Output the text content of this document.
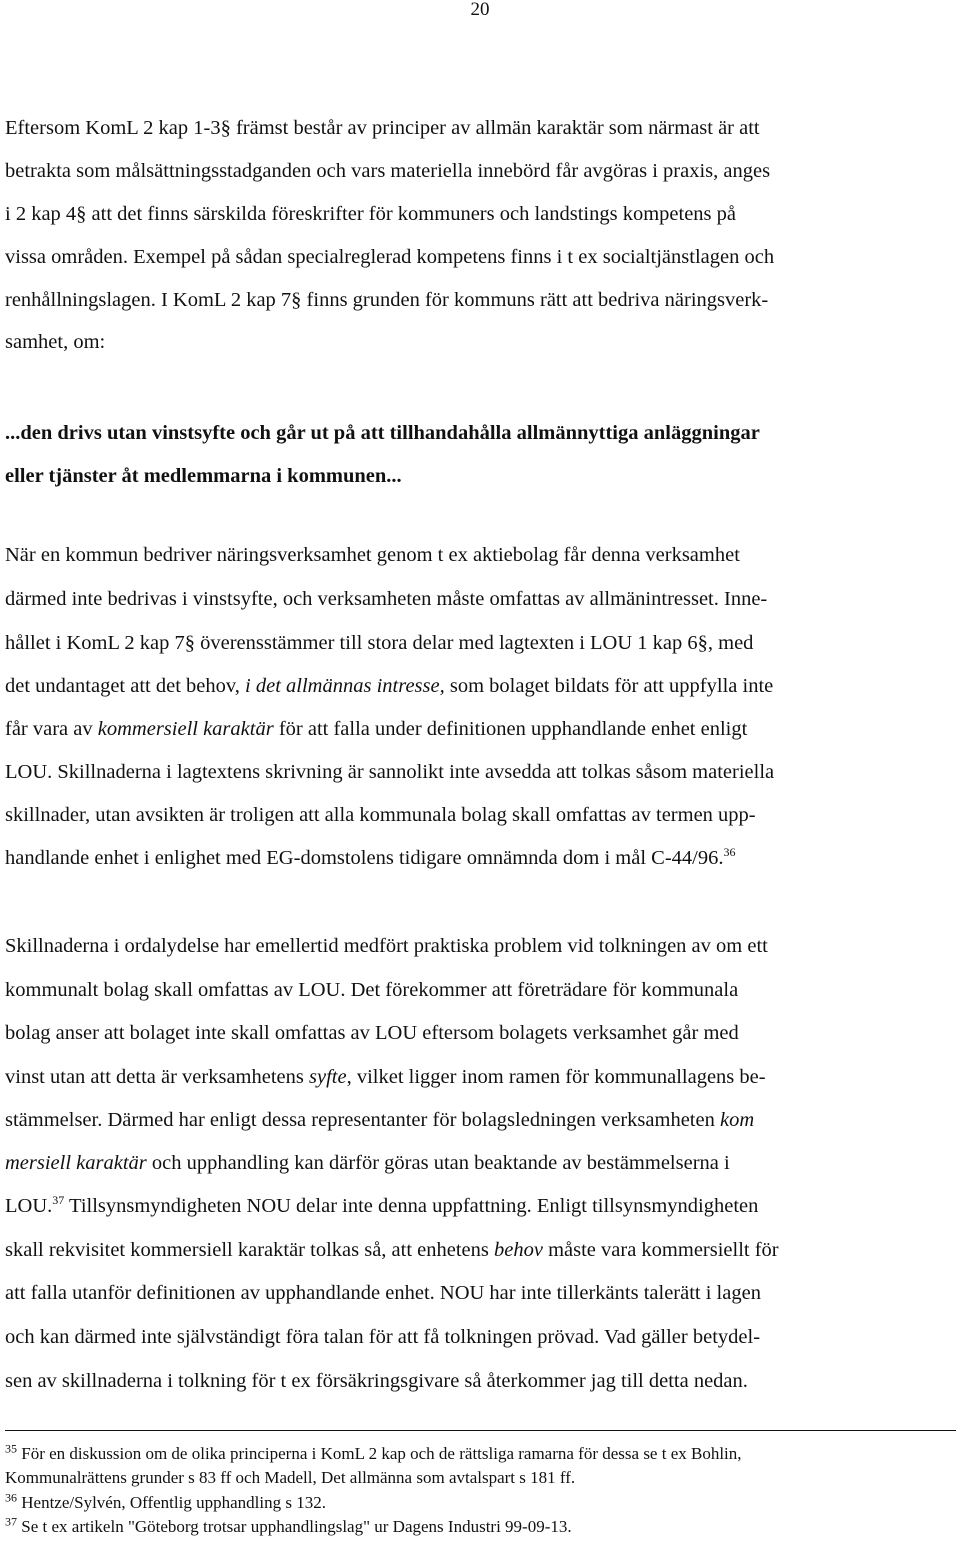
20
Eftersom KomL 2 kap 1-3§ främst består av principer av allmän karaktär som närmast är att
betrakta som målsättningsstadganden och vars materiella innebörd får avgöras i praxis, anges
i 2 kap 4§ att det finns särskilda föreskrifter för kommuners och landstings kompetens på
vissa områden. Exempel på sådan specialreglerad kompetens finns i t ex socialtjänstlagen och
renhållningslagen. I KomL 2 kap 7§ finns grunden för kommuns rätt att bedriva näringsverk-
samhet, om:
...den drivs utan vinstsyfte och går ut på att tillhandahålla allmännyttiga anläggningar
eller tjänster åt medlemmarna i kommunen...
När en kommun bedriver näringsverksamhet genom t ex aktiebolag får denna verksamhet
därmed inte bedrivas i vinstsyfte, och verksamheten måste omfattas av allmänintresset. Inne-
hållet i KomL 2 kap 7§ överensstämmer till stora delar med lagtexten i LOU 1 kap 6§, med
det undantaget att det behov, i det allmännas intresse, som bolaget bildats för att uppfylla inte
får vara av kommersiell karaktär för att falla under definitionen upphandlande enhet enligt
LOU. Skillnaderna i lagtextens skrivning är sannolikt inte avsedda att tolkas såsom materiella
skillnader, utan avsikten är troligen att alla kommunala bolag skall omfattas av termen upp-
handlande enhet i enlighet med EG-domstolens tidigare omnämnda dom i mål C-44/96.36
Skillnaderna i ordalydelse har emellertid medfört praktiska problem vid tolkningen av om ett
kommunalt bolag skall omfattas av LOU. Det förekommer att företrädare för kommunala
bolag anser att bolaget inte skall omfattas av LOU eftersom bolagets verksamhet går med
vinst utan att detta är verksamhetens syfte, vilket ligger inom ramen för kommunallagens be-
stämmelser. Därmed har enligt dessa representanter för bolagsledningen verksamheten kom
mersiell karaktär och upphandling kan därför göras utan beaktande av bestämmelserna i
LOU.$^{37}$ Tillsynsmyndigheten NOU delar inte denna uppfattning. Enligt tillsynsmyndigheten
skall rekvisitet kommersiell karaktär tolkas så, att enhetens behov måste vara kommersiellt för
att falla utanför definitionen av upphandlande enhet. NOU har inte tillerkänts talerätt i lagen
och kan därmed inte självständigt föra talan för att få tolkningen prövad. Vad gäller betydel-
sen av skillnaderna i tolkning för t ex försäkringsgivare så återkommer jag till detta nedan.
$^{35}$ För en diskussion om de olika principerna i KomL 2 kap och de rättsliga ramarna för dessa se t ex Bohlin,
Kommunalrättens grunder s 83 ff och Madell, Det allmänna som avtalspart s 181 ff.
$^{36}$ Hentze/Sylvén, Offentlig upphandling s 132.
$^{37}$ Se t ex artikeln "Göteborg trotsar upphandlingslag" ur Dagens Industri 99-09-13.
